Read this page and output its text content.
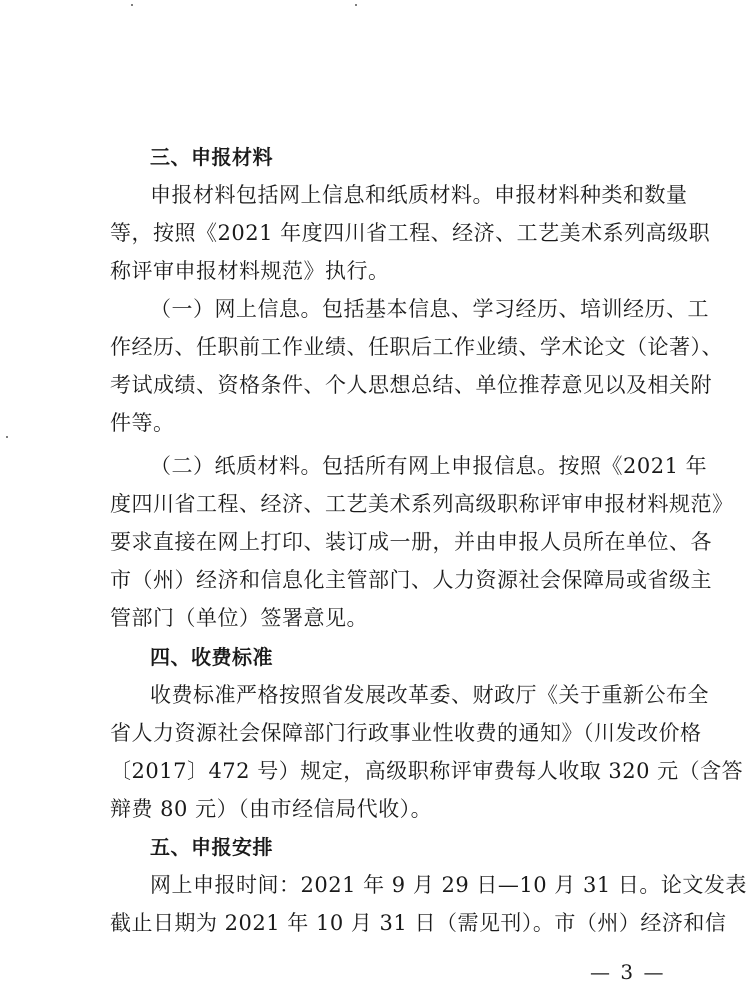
三、申报材料
申报材料包括网上信息和纸质材料。申报材料种类和数量
等，按照《2021 年度四川省工程、经济、工艺美术系列高级职
称评审申报材料规范》执行。
（一）网上信息。包括基本信息、学习经历、培训经历、工
作经历、任职前工作业绩、任职后工作业绩、学术论文（论著）、
考试成绩、资格条件、个人思想总结、单位推荐意见以及相关附
件等。
（二）纸质材料。包括所有网上申报信息。按照《2021 年
度四川省工程、经济、工艺美术系列高级职称评审申报材料规范》
要求直接在网上打印、装订成一册，并由申报人员所在单位、各
市（州）经济和信息化主管部门、人力资源社会保障局或省级主
管部门（单位）签署意见。
四、收费标准
收费标准严格按照省发展改革委、财政厅《关于重新公布全
省人力资源社会保障部门行政事业性收费的通知》（川发改价格
〔2017〕472 号）规定，高级职称评审费每人收取 320 元（含答
辩费 80 元）（由市经信局代收）。
五、申报安排
网上申报时间：2021 年 9 月 29 日—10 月 31 日。论文发表
截止日期为 2021 年 10 月 31 日（需见刊）。市（州）经济和信
— 3 —
